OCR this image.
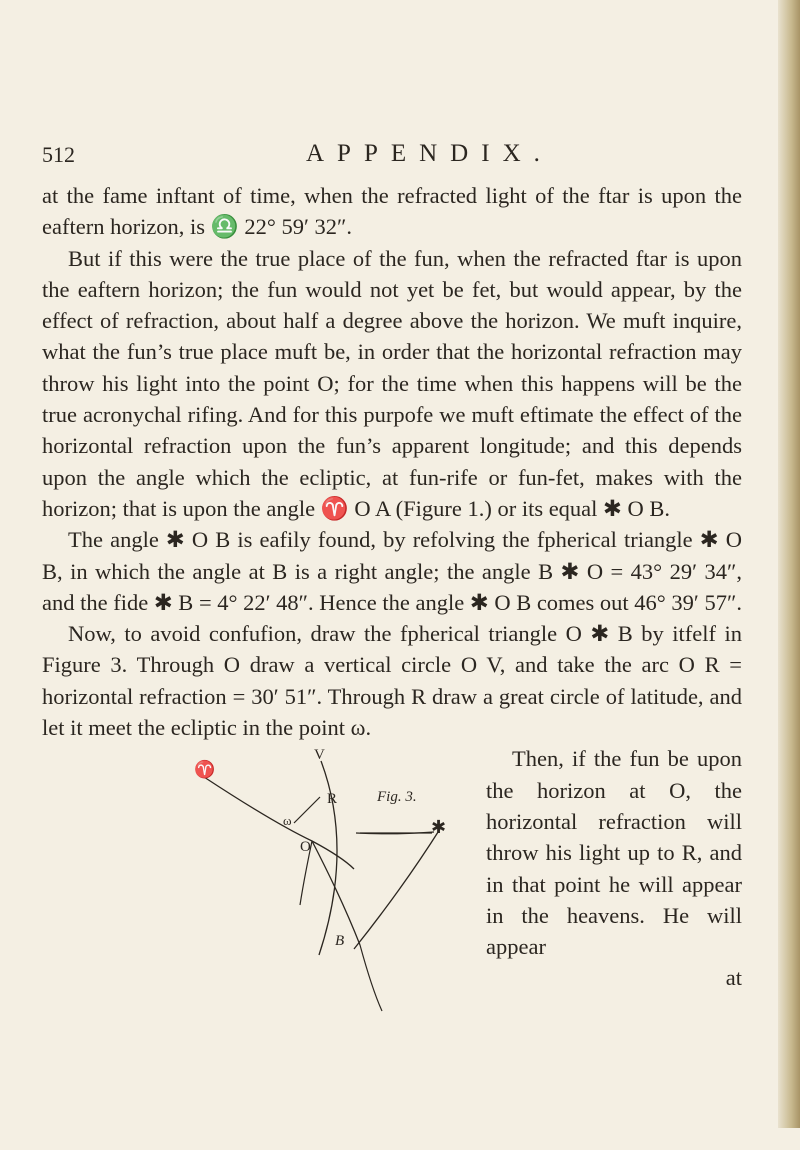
512	APPENDIX.

at the fame inftant of time, when the refracted light of the ftar is upon the eaftern horizon, is ♎ 22° 59′ 32″.

But if this were the true place of the fun, when the refracted ftar is upon the eaftern horizon; the fun would not yet be fet, but would appear, by the effect of refraction, about half a degree above the horizon. We muft inquire, what the fun’s true place muft be, in order that the horizontal refraction may throw his light into the point O; for the time when this happens will be the true acronychal rifing. And for this purpofe we muft eftimate the effect of the horizontal refraction upon the fun’s apparent longitude; and this depends upon the angle which the ecliptic, at fun-rife or fun-fet, makes with the horizon; that is upon the angle ♈ O A (Figure 1.) or its equal ✱ O B.

The angle ✱ O B is eafily found, by refolving the fpherical triangle ✱ O B, in which the angle at B is a right angle; the angle B ✱ O = 43° 29′ 34″, and the fide ✱ B = 4° 22′ 48″. Hence the angle ✱ O B comes out 46° 39′ 57″.

Now, to avoid confufion, draw the fpherical triangle O ✱ B by itfelf in Figure 3. Through O draw a vertical circle O V, and take the arc O R = horizontal refraction = 30′ 51″. Through R draw a great circle of latitude, and let it meet the ecliptic in the point ω.

V
♈
R
ω
O
✱
B
Fig. 3.

Then, if the fun be upon the horizon at O, the horizontal refraction will throw his light up to R, and in that point he will appear in the heavens. He will appear

at
